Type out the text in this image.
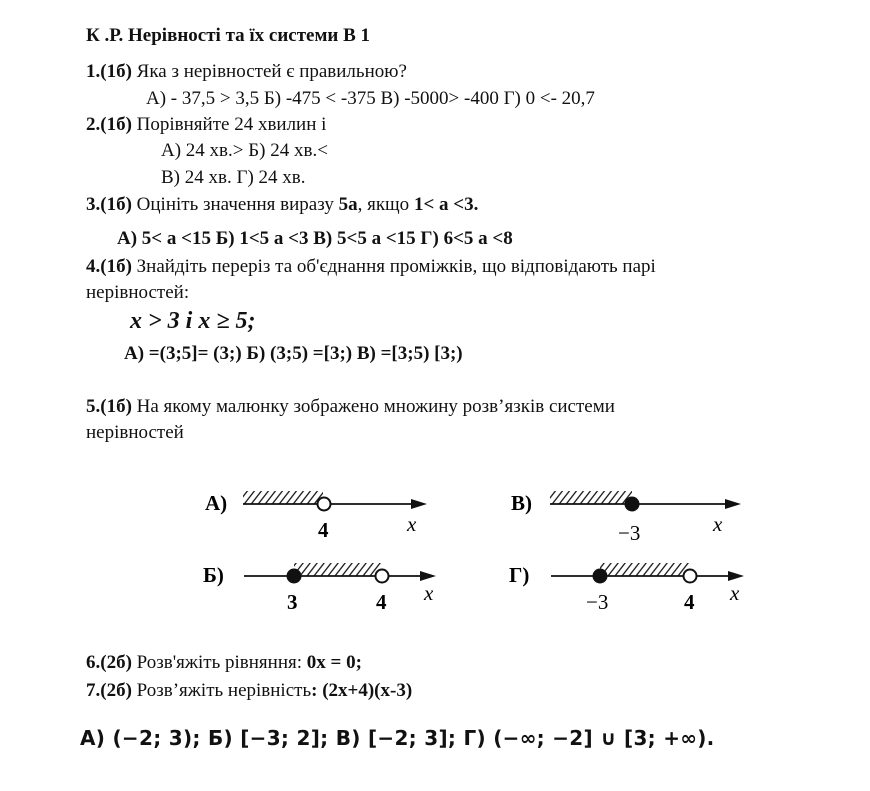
К .Р. Нерівності та їх системи В 1
1.(1б) Яка з нерівностей є правильною?
А) - 37,5 > 3,5 Б) -475 < -375 В) -5000> -400 Г) 0 <- 20,7
2.(1б) Порівняйте 24 хвилин і
А) 24 хв.> Б) 24 хв.<
В) 24 хв. Г) 24 хв.
3.(1б) Оцініть значення виразу 5а, якщо 1< а <3.
А) 5< а <15 Б) 1<5 а <3 В) 5<5 а <15 Г) 6<5 а <8
4.(1б) Знайдіть переріз та об'єднання проміжків, що відповідають парі
нерівностей:
x > 3 і x ≥ 5;
А) =(3;5]= (3;) Б) (3;5) =[3;) В) =[3;5) [3;)
5.(1б) На якому малюнку зображено множину розв’язків системи
нерівностей
А)
4	x
В)
−3	x
Б)
3	4 x
Г)
−3	4 x
6.(2б) Розв'яжіть рівняння: 0x = 0;
7.(2б) Розв’яжіть нерівність: (2x+4)(x-3)
А) (−2; 3); Б) [−3; 2]; В) [−2; 3]; Г) (−∞; −2] ∪ [3; +∞).
